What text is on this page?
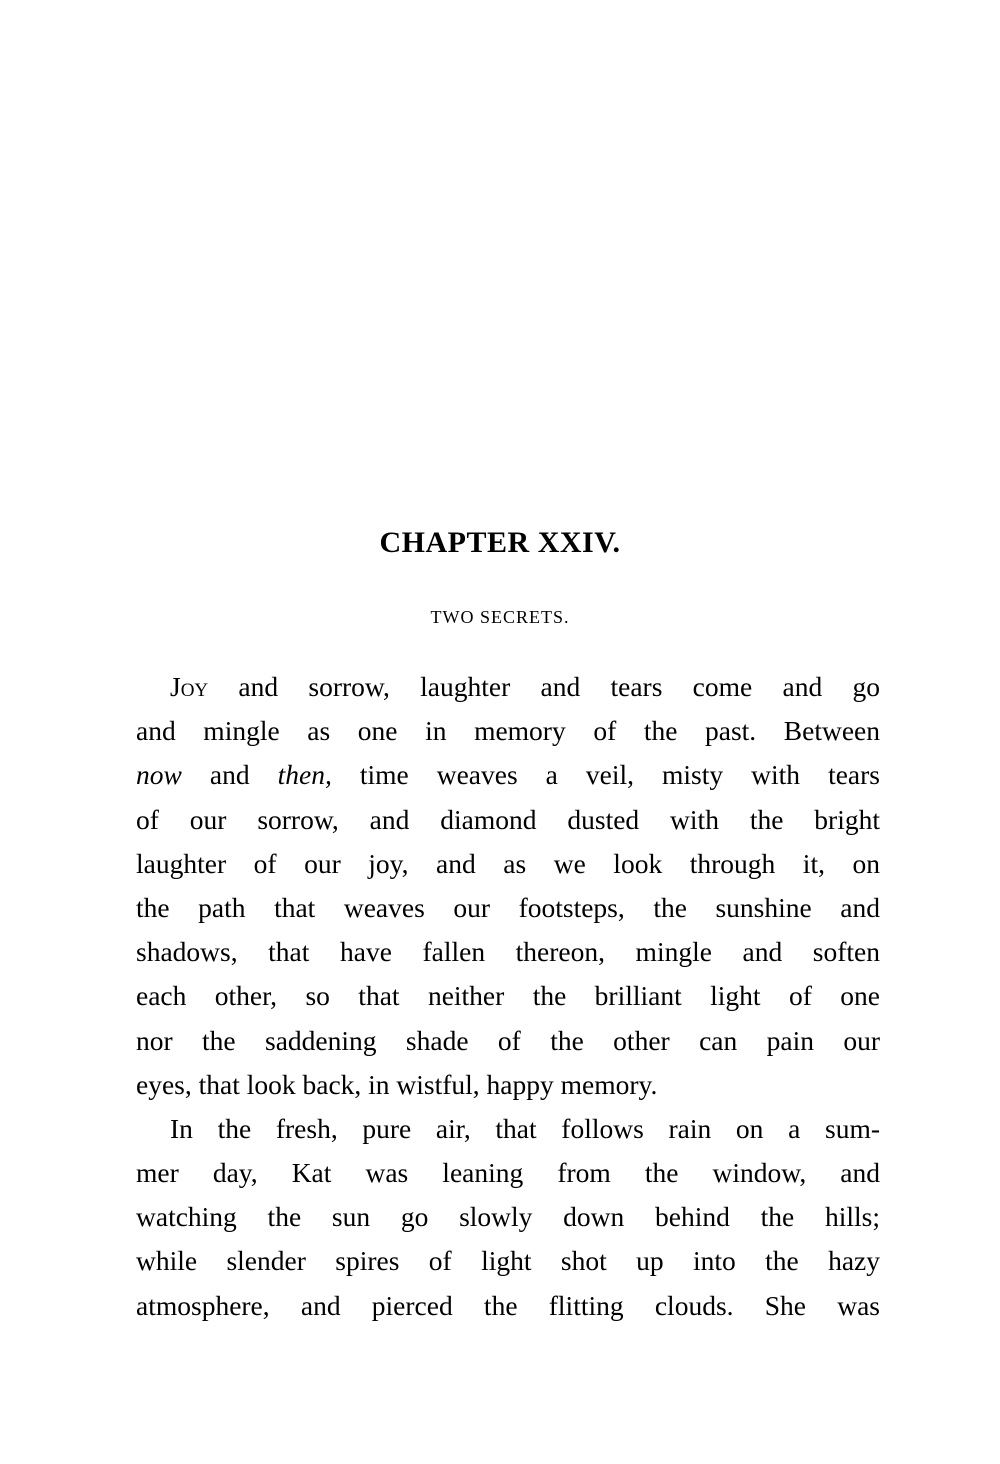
CHAPTER XXIV.
TWO SECRETS.
Joy and sorrow, laughter and tears come and go
and mingle as one in memory of the past. Between
now and then, time weaves a veil, misty with tears
of our sorrow, and diamond dusted with the bright
laughter of our joy, and as we look through it, on
the path that weaves our footsteps, the sunshine and
shadows, that have fallen thereon, mingle and soften
each other, so that neither the brilliant light of one
nor the saddening shade of the other can pain our
eyes, that look back, in wistful, happy memory.
In the fresh, pure air, that follows rain on a sum-
mer day, Kat was leaning from the window, and
watching the sun go slowly down behind the hills;
while slender spires of light shot up into the hazy
atmosphere, and pierced the flitting clouds. She was
